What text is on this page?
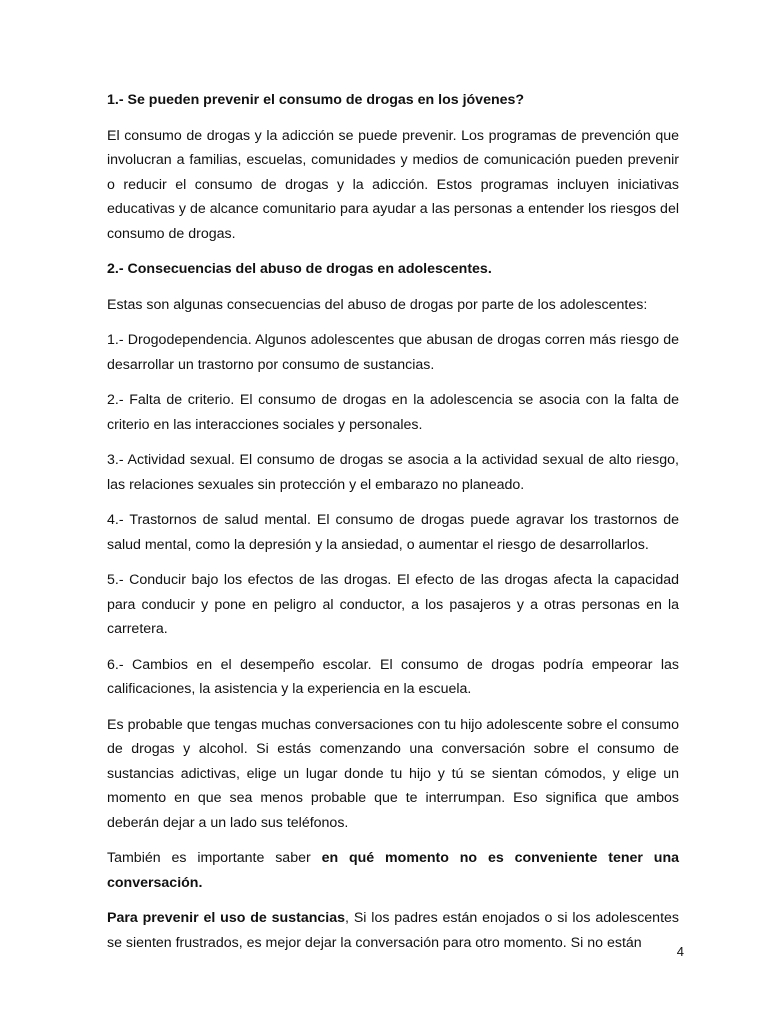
1.- Se pueden prevenir el consumo de drogas en los jóvenes?

El consumo de drogas y la adicción se puede prevenir. Los programas de prevención que involucran a familias, escuelas, comunidades y medios de comunicación pueden prevenir o reducir el consumo de drogas y la adicción. Estos programas incluyen iniciativas educativas y de alcance comunitario para ayudar a las personas a entender los riesgos del consumo de drogas.

2.- Consecuencias del abuso de drogas en adolescentes.

Estas son algunas consecuencias del abuso de drogas por parte de los adolescentes:

1.- Drogodependencia. Algunos adolescentes que abusan de drogas corren más riesgo de desarrollar un trastorno por consumo de sustancias.

2.- Falta de criterio. El consumo de drogas en la adolescencia se asocia con la falta de criterio en las interacciones sociales y personales.

3.- Actividad sexual. El consumo de drogas se asocia a la actividad sexual de alto riesgo, las relaciones sexuales sin protección y el embarazo no planeado.

4.- Trastornos de salud mental. El consumo de drogas puede agravar los trastornos de salud mental, como la depresión y la ansiedad, o aumentar el riesgo de desarrollarlos.

5.- Conducir bajo los efectos de las drogas. El efecto de las drogas afecta la capacidad para conducir y pone en peligro al conductor, a los pasajeros y a otras personas en la carretera.

6.- Cambios en el desempeño escolar. El consumo de drogas podría empeorar las calificaciones, la asistencia y la experiencia en la escuela.

Es probable que tengas muchas conversaciones con tu hijo adolescente sobre el consumo de drogas y alcohol. Si estás comenzando una conversación sobre el consumo de sustancias adictivas, elige un lugar donde tu hijo y tú se sientan cómodos, y elige un momento en que sea menos probable que te interrumpan. Eso significa que ambos deberán dejar a un lado sus teléfonos.

También es importante saber en qué momento no es conveniente tener una conversación.

Para prevenir el uso de sustancias, Si los padres están enojados o si los adolescentes se sienten frustrados, es mejor dejar la conversación para otro momento. Si no están

4
